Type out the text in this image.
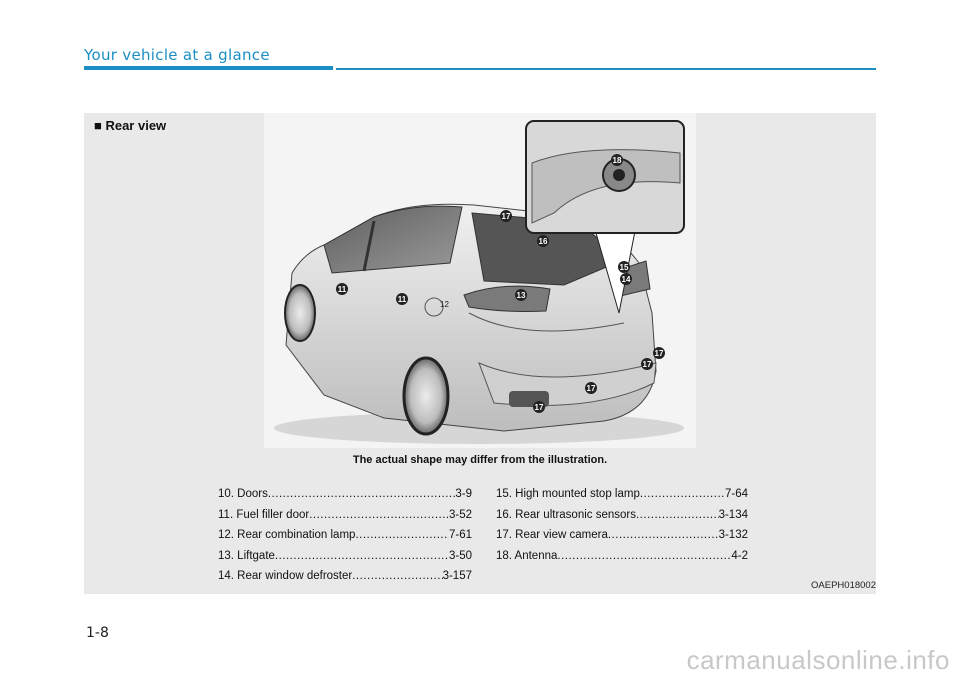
Your vehicle at a glance
■ Rear view
18
17
16
15
14
13
11
11
17
17
17
17
12
The actual shape may differ from the illustration.
10. Doors .....	3-9
11. Fuel filler door .....	3-52
12. Rear combination lamp .....	7-61
13. Liftgate .....	3-50
14. Rear window defroster .....	3-157
15. High mounted stop lamp .....	7-64
16. Rear ultrasonic sensors .....	3-134
17. Rear view camera .....	3-132
18. Antenna .....	4-2
OAEPH018002
1-8
carmanualsonline.info
